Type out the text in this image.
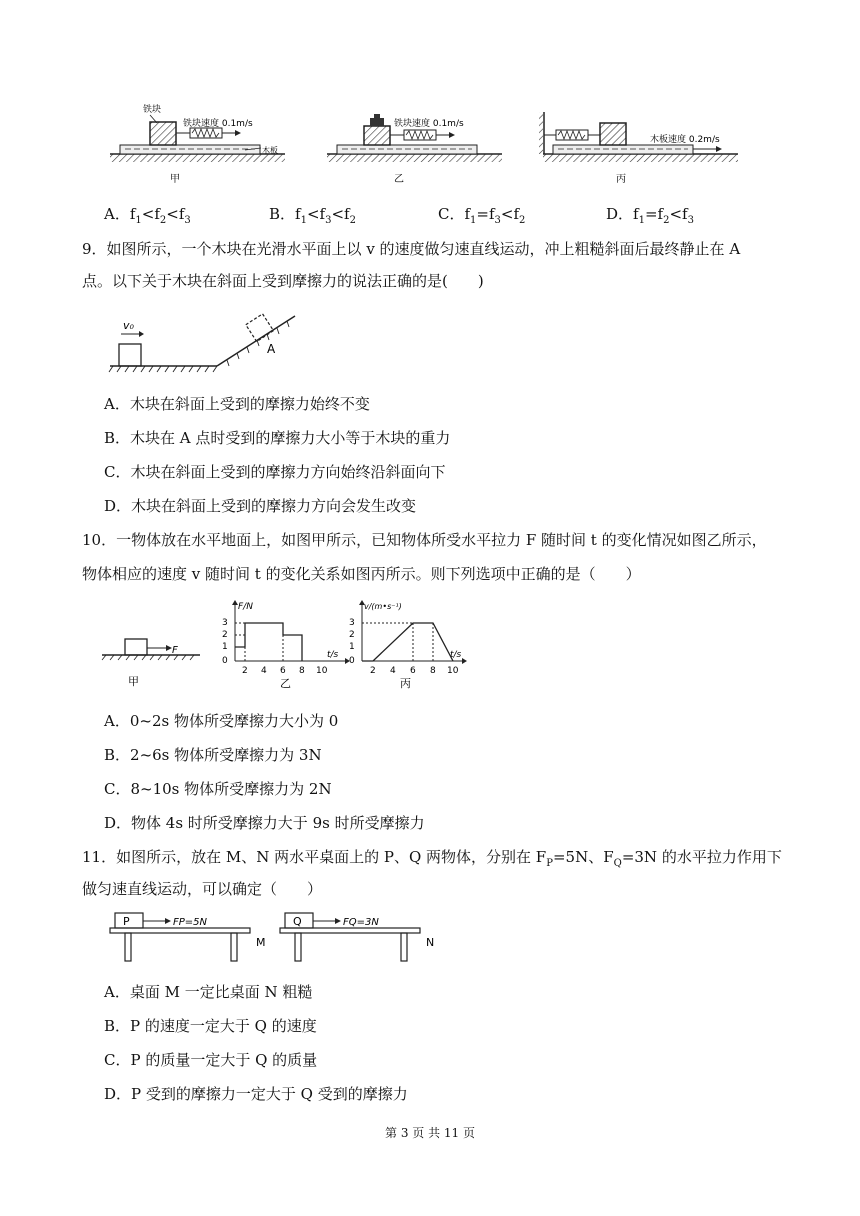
铁块
铁块速度 0.1m/s
木板
甲
铁块速度 0.1m/s
乙
木板速度 0.2m/s
丙
A．$f_1<f_2<f_3$	B．$f_1<f_3<f_2$	C．$f_1=f_3<f_2$	D．$f_1=f_2<f_3$
9．如图所示，一个木块在光滑水平面上以 v 的速度做匀速直线运动，冲上粗糙斜面后最终静止在 A
点。以下关于木块在斜面上受到摩擦力的说法正确的是(　　)
v₀
A
A．木块在斜面上受到的摩擦力始终不变
B．木块在 A 点时受到的摩擦力大小等于木块的重力
C．木块在斜面上受到的摩擦力方向始终沿斜面向下
D．木块在斜面上受到的摩擦力方向会发生改变
10．一物体放在水平地面上，如图甲所示，已知物体所受水平拉力 F 随时间 t 的变化情况如图乙所示，
物体相应的速度 v 随时间 t 的变化关系如图丙所示。则下列选项中正确的是（　　）
F
甲
F/N
t/s
3
2
1
0
2 4 6 8 10
乙
v/(m•s⁻¹)
t/s
3
2
1
0
2 4 6 8 10
丙
A．0~2s 物体所受摩擦力大小为 0
B．2~6s 物体所受摩擦力为 3N
C．8~10s 物体所受摩擦力为 2N
D．物体 4s 时所受摩擦力大于 9s 时所受摩擦力
11．如图所示，放在 M、N 两水平桌面上的 P、Q 两物体，分别在 $F_P=5N$、$F_Q=3N$ 的水平拉力作用下
做匀速直线运动，可以确定（　　）
P	FP=5N
M
Q	FQ=3N
N
A．桌面 M 一定比桌面 N 粗糙
B．P 的速度一定大于 Q 的速度
C．P 的质量一定大于 Q 的质量
D．P 受到的摩擦力一定大于 Q 受到的摩擦力
第 3 页 共 11 页
